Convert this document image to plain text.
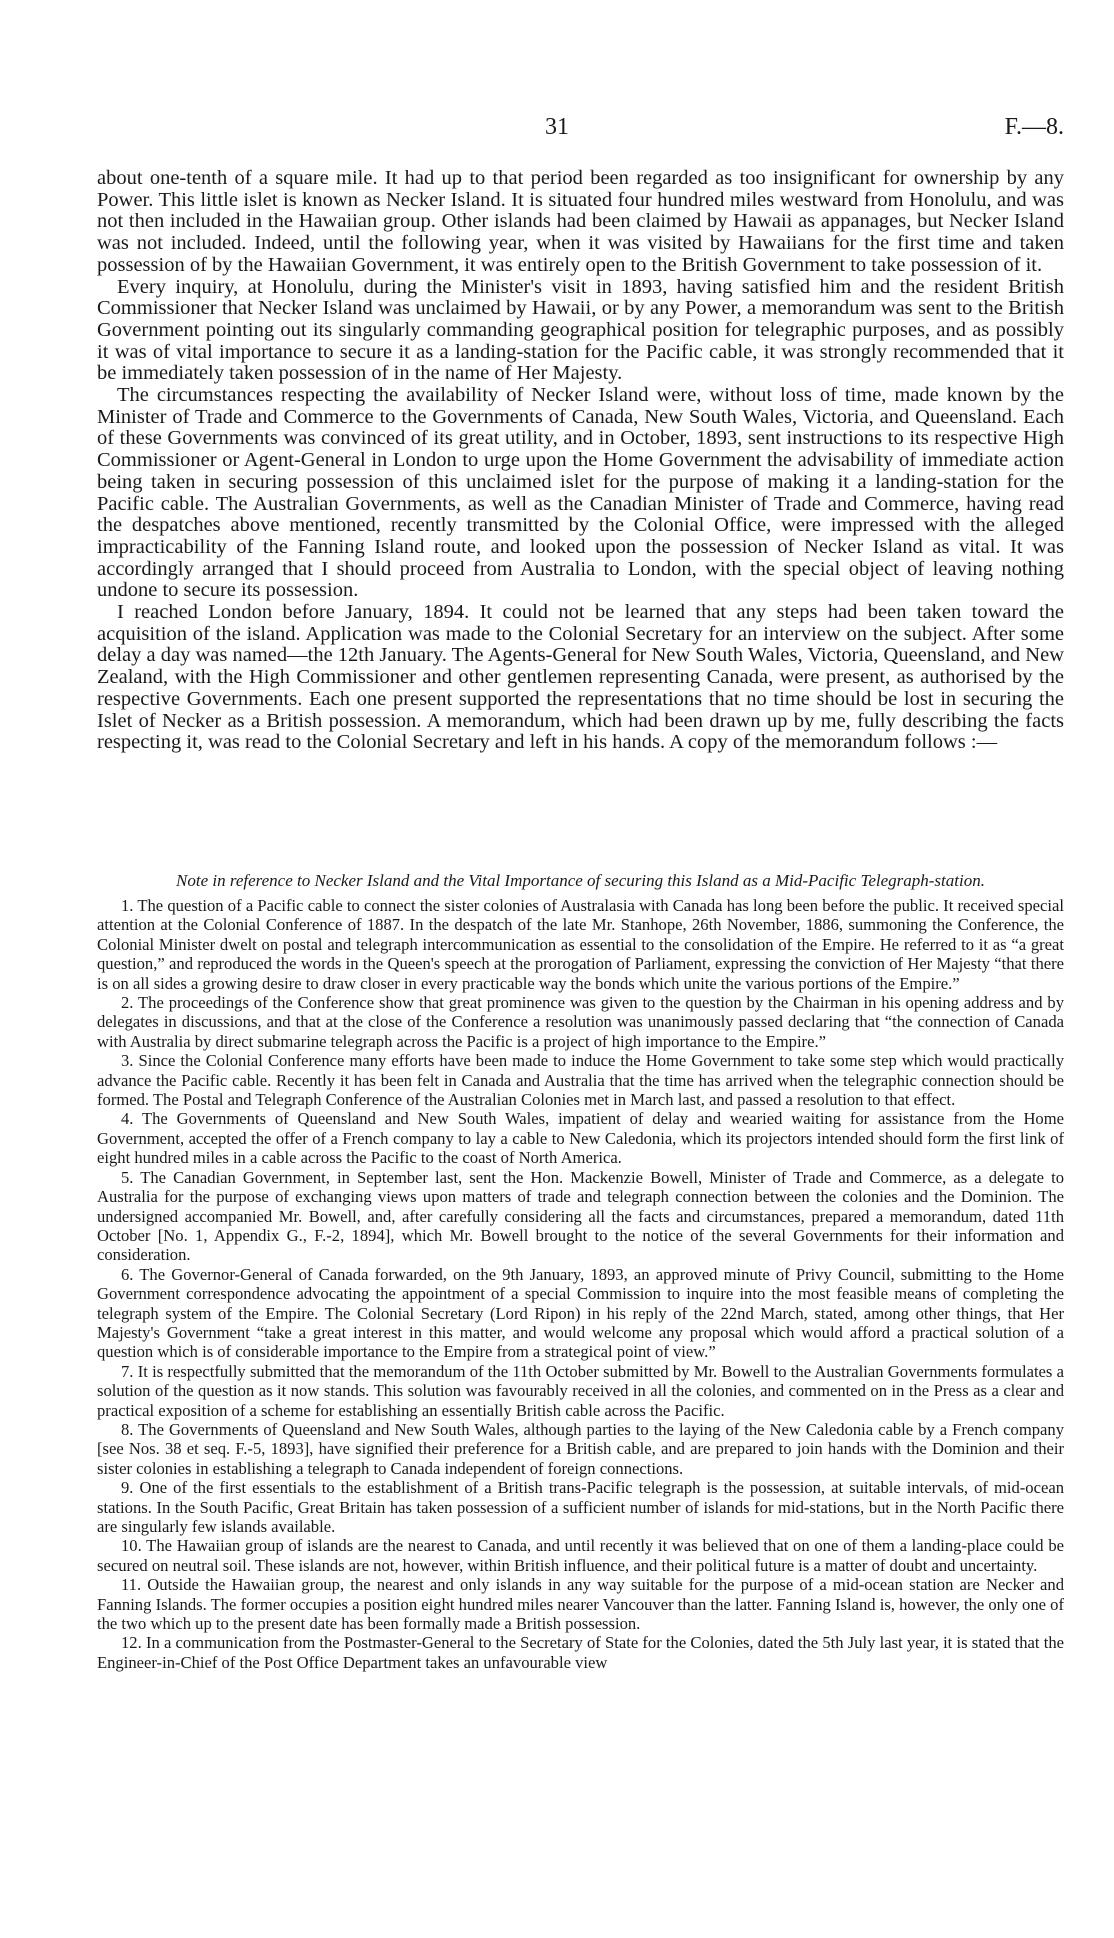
31	F.—8.

about one-tenth of a square mile. It had up to that period been regarded as too insignificant for ownership by any Power. This little islet is known as Necker Island. It is situated four hundred miles westward from Honolulu, and was not then included in the Hawaiian group. Other islands had been claimed by Hawaii as appanages, but Necker Island was not included. Indeed, until the following year, when it was visited by Hawaiians for the first time and taken possession of by the Hawaiian Government, it was entirely open to the British Government to take possession of it.

Every inquiry, at Honolulu, during the Minister's visit in 1893, having satisfied him and the resident British Commissioner that Necker Island was unclaimed by Hawaii, or by any Power, a memorandum was sent to the British Government pointing out its singularly commanding geographical position for telegraphic purposes, and as possibly it was of vital importance to secure it as a landing-station for the Pacific cable, it was strongly recommended that it be immediately taken possession of in the name of Her Majesty.

The circumstances respecting the availability of Necker Island were, without loss of time, made known by the Minister of Trade and Commerce to the Governments of Canada, New South Wales, Victoria, and Queensland. Each of these Governments was convinced of its great utility, and in October, 1893, sent instructions to its respective High Commissioner or Agent-General in London to urge upon the Home Government the advisability of immediate action being taken in securing possession of this unclaimed islet for the purpose of making it a landing-station for the Pacific cable. The Australian Governments, as well as the Canadian Minister of Trade and Commerce, having read the despatches above mentioned, recently transmitted by the Colonial Office, were impressed with the alleged impracticability of the Fanning Island route, and looked upon the possession of Necker Island as vital. It was accordingly arranged that I should proceed from Australia to London, with the special object of leaving nothing undone to secure its possession.

I reached London before January, 1894. It could not be learned that any steps had been taken toward the acquisition of the island. Application was made to the Colonial Secretary for an interview on the subject. After some delay a day was named—the 12th January. The Agents-General for New South Wales, Victoria, Queensland, and New Zealand, with the High Commissioner and other gentlemen representing Canada, were present, as authorised by the respective Governments. Each one present supported the representations that no time should be lost in securing the Islet of Necker as a British possession. A memorandum, which had been drawn up by me, fully describing the facts respecting it, was read to the Colonial Secretary and left in his hands. A copy of the memorandum follows :—

Note in reference to Necker Island and the Vital Importance of securing this Island as a Mid-Pacific Telegraph-station.

1. The question of a Pacific cable to connect the sister colonies of Australasia with Canada has long been before the public. It received special attention at the Colonial Conference of 1887. In the despatch of the late Mr. Stanhope, 26th November, 1886, summoning the Conference, the Colonial Minister dwelt on postal and telegraph intercommunication as essential to the consolidation of the Empire. He referred to it as “a great question,” and reproduced the words in the Queen's speech at the prorogation of Parliament, expressing the conviction of Her Majesty “that there is on all sides a growing desire to draw closer in every practicable way the bonds which unite the various portions of the Empire.”

2. The proceedings of the Conference show that great prominence was given to the question by the Chairman in his opening address and by delegates in discussions, and that at the close of the Conference a resolution was unanimously passed declaring that “the connection of Canada with Australia by direct submarine telegraph across the Pacific is a project of high importance to the Empire.”

3. Since the Colonial Conference many efforts have been made to induce the Home Government to take some step which would practically advance the Pacific cable. Recently it has been felt in Canada and Australia that the time has arrived when the telegraphic connection should be formed. The Postal and Telegraph Conference of the Australian Colonies met in March last, and passed a resolution to that effect.

4. The Governments of Queensland and New South Wales, impatient of delay and wearied waiting for assistance from the Home Government, accepted the offer of a French company to lay a cable to New Caledonia, which its projectors intended should form the first link of eight hundred miles in a cable across the Pacific to the coast of North America.

5. The Canadian Government, in September last, sent the Hon. Mackenzie Bowell, Minister of Trade and Commerce, as a delegate to Australia for the purpose of exchanging views upon matters of trade and telegraph connection between the colonies and the Dominion. The undersigned accompanied Mr. Bowell, and, after carefully considering all the facts and circumstances, prepared a memorandum, dated 11th October [No. 1, Appendix G., F.-2, 1894], which Mr. Bowell brought to the notice of the several Governments for their information and consideration.

6. The Governor-General of Canada forwarded, on the 9th January, 1893, an approved minute of Privy Council, submitting to the Home Government correspondence advocating the appointment of a special Commission to inquire into the most feasible means of completing the telegraph system of the Empire. The Colonial Secretary (Lord Ripon) in his reply of the 22nd March, stated, among other things, that Her Majesty's Government “take a great interest in this matter, and would welcome any proposal which would afford a practical solution of a question which is of considerable importance to the Empire from a strategical point of view.”

7. It is respectfully submitted that the memorandum of the 11th October submitted by Mr. Bowell to the Australian Governments formulates a solution of the question as it now stands. This solution was favourably received in all the colonies, and commented on in the Press as a clear and practical exposition of a scheme for establishing an essentially British cable across the Pacific.

8. The Governments of Queensland and New South Wales, although parties to the laying of the New Caledonia cable by a French company [see Nos. 38 et seq. F.-5, 1893], have signified their preference for a British cable, and are prepared to join hands with the Dominion and their sister colonies in establishing a telegraph to Canada independent of foreign connections.

9. One of the first essentials to the establishment of a British trans-Pacific telegraph is the possession, at suitable intervals, of mid-ocean stations. In the South Pacific, Great Britain has taken possession of a sufficient number of islands for mid-stations, but in the North Pacific there are singularly few islands available.

10. The Hawaiian group of islands are the nearest to Canada, and until recently it was believed that on one of them a landing-place could be secured on neutral soil. These islands are not, however, within British influence, and their political future is a matter of doubt and uncertainty.

11. Outside the Hawaiian group, the nearest and only islands in any way suitable for the purpose of a mid-ocean station are Necker and Fanning Islands. The former occupies a position eight hundred miles nearer Vancouver than the latter. Fanning Island is, however, the only one of the two which up to the present date has been formally made a British possession.

12. In a communication from the Postmaster-General to the Secretary of State for the Colonies, dated the 5th July last year, it is stated that the Engineer-in-Chief of the Post Office Department takes an unfavourable view
